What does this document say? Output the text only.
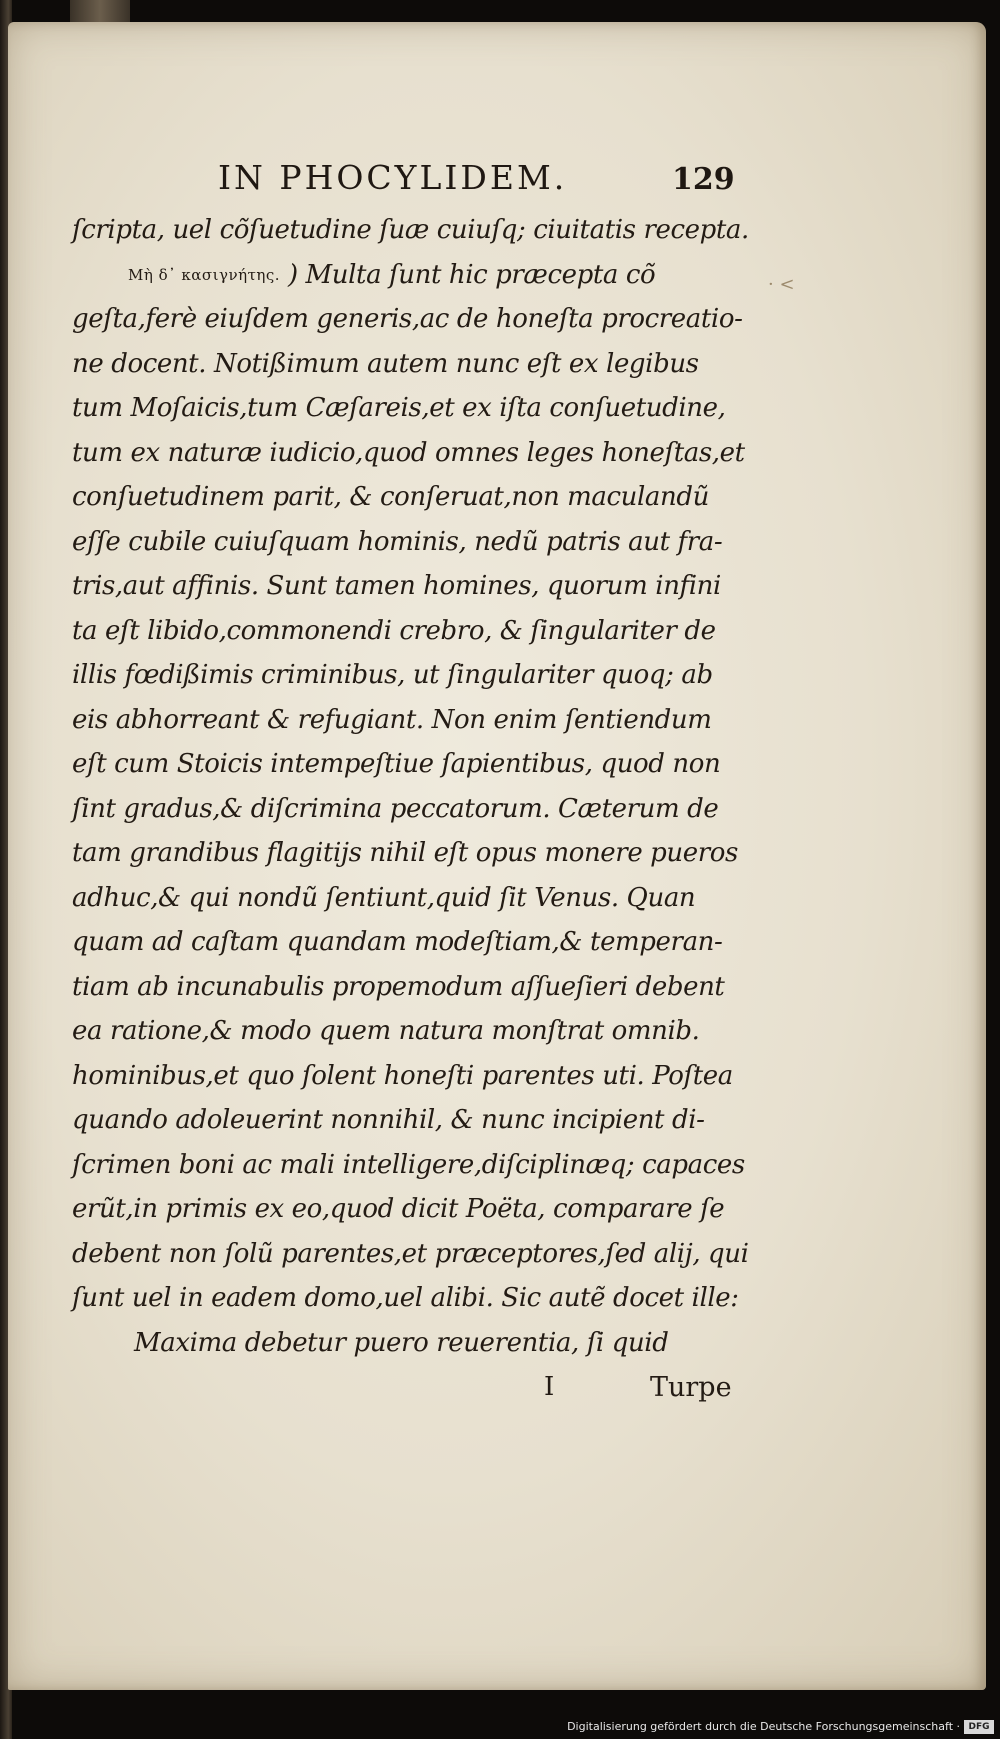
IN PHOCYLIDEM.	129
· <
ſcripta, uel cõſuetudine ſuæ cuiuſq; ciuitatis recepta.
Μὴ δ᾽ κασιγνήτης. ) Multa ſunt hic præcepta cõ
geſta,ferè eiuſdem generis,ac de honeſta procreatio-
ne docent. Notißimum autem nunc eſt ex legibus
tum Moſaicis,tum Cæſareis,et ex iſta conſuetudine,
tum ex naturæ iudicio,quod omnes leges honeſtas,et
conſuetudinem parit, & conſeruat,non maculandũ
eſſe cubile cuiuſquam hominis, nedũ patris aut fra-
tris,aut affinis. Sunt tamen homines, quorum infini
ta eſt libido,commonendi crebro, & ſingulariter de
illis fœdißimis criminibus, ut ſingulariter quoq; ab
eis abhorreant & refugiant. Non enim ſentiendum
eſt cum Stoicis intempeſtiue ſapientibus, quod non
ſint gradus,& diſcrimina peccatorum. Cæterum de
tam grandibus flagitijs nihil eſt opus monere pueros
adhuc,& qui nondũ ſentiunt,quid ſit Venus. Quan
quam ad caſtam quandam modeſtiam,& temperan-
tiam ab incunabulis propemodum aſſueſieri debent
ea ratione,& modo quem natura monſtrat omnib.
hominibus,et quo ſolent honeſti parentes uti. Poſtea
quando adoleuerint nonnihil, & nunc incipient di-
ſcrimen boni ac mali intelligere,diſciplinæq; capaces
erũt,in primis ex eo,quod dicit Poëta, comparare ſe
debent non ſolũ parentes,et præceptores,ſed alij, qui
ſunt uel in eadem domo,uel alibi. Sic autẽ docet ille:
Maxima debetur puero reuerentia, ſi quid
I	Turpe
Digitalisierung gefördert durch die Deutsche Forschungsgemeinschaft · DFG
